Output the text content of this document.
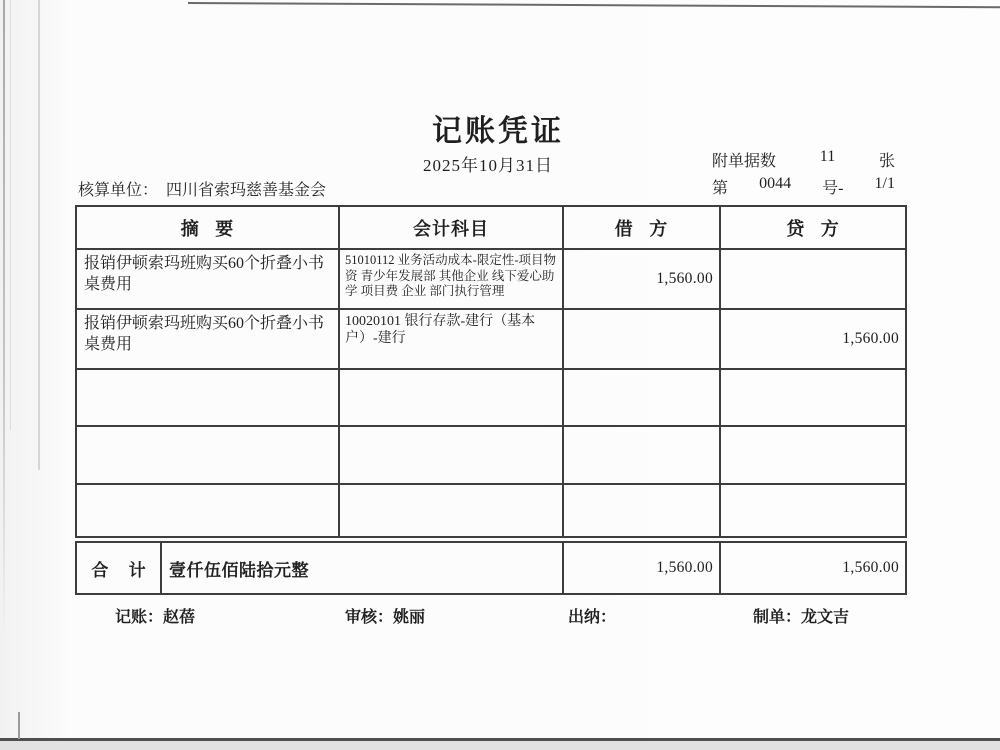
记账凭证
2025年10月31日	附单据数	11	张
第 0044 号- 1/1
核算单位： 四川省索玛慈善基金会
摘 要	会计科目	借 方	贷 方
报销伊顿索玛班购买60个折叠小书桌费用	51010112 业务活动成本-限定性-项目物资 青少年发展部 其他企业 线下爱心助学 项目费 企业 部门执行管理	1,560.00	
报销伊顿索玛班购买60个折叠小书桌费用	10020101 银行存款-建行（基本户）-建行		1,560.00

合 计	壹仟伍佰陆拾元整	1,560.00	1,560.00
记账：赵蓓	审核：姚丽	出纳：	制单：龙文吉
